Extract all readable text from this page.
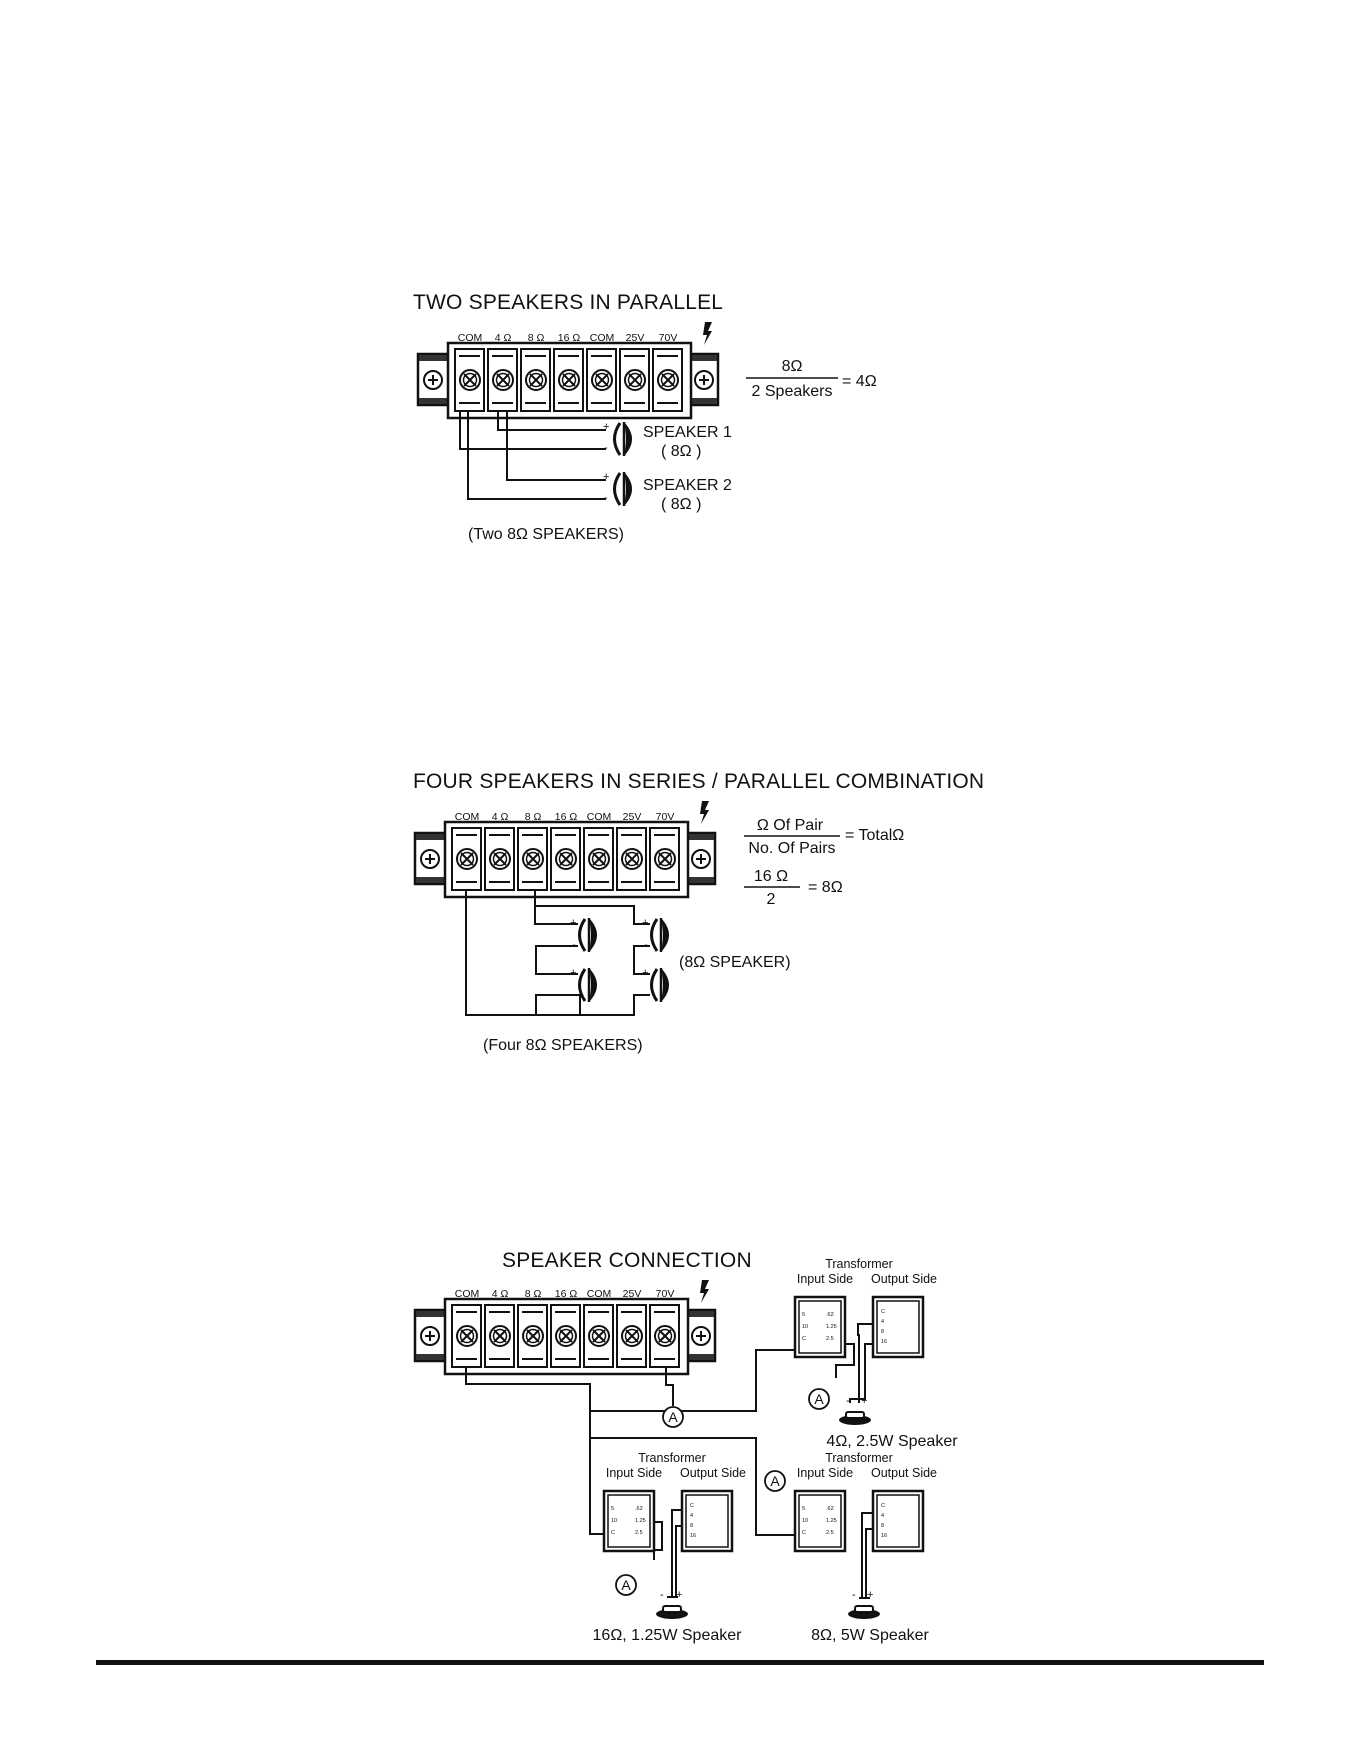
TWO SPEAKERS IN PARALLEL
FOUR SPEAKERS IN SERIES / PARALLEL COMBINATION
SPEAKER CONNECTION
COM 4 Ω 8 Ω 16 Ω COM 25V 70V
+
-
+
-
SPEAKER 1
( 8Ω )
SPEAKER 2
( 8Ω )
(Two 8Ω SPEAKERS)
8Ω
2 Speakers
= 4Ω
COM 4 Ω 8 Ω 16 Ω COM 25V 70V
+
-
+
-
+
-
+
-
(8Ω SPEAKER)
(Four 8Ω SPEAKERS)
Ω Of Pair
No. Of Pairs
= TotalΩ
16 Ω
2
= 8Ω
COM 4 Ω 8 Ω 16 Ω COM 25V 70V
5
10
C
.62
1.25
2.5
C
4
8
16
Transformer
Input Side Output Side
5
10
C
.62
1.25
2.5
C
4
8
16
Transformer
Input Side Output Side
5
10
C
.62
1.25
2.5
C
4
8
16
Transformer
Input Side Output Side
A
A
A
A
- +
- +	- +
4Ω, 2.5W Speaker
16Ω, 1.25W Speaker	8Ω, 5W Speaker
